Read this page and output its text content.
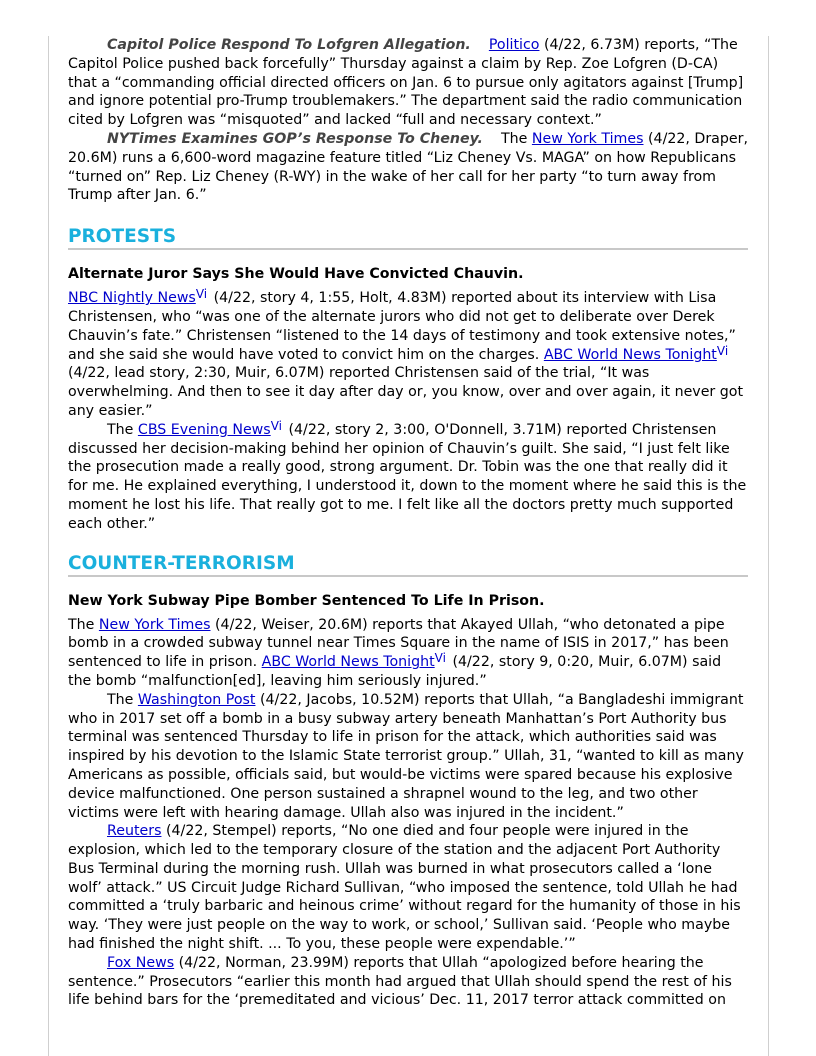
Capitol Police Respond To Lofgren Allegation. Politico (4/22, 6.73M) reports, “The Capitol Police pushed back forcefully” Thursday against a claim by Rep. Zoe Lofgren (D-CA) that a “commanding official directed officers on Jan. 6 to pursue only agitators against [Trump] and ignore potential pro-Trump troublemakers.” The department said the radio communication cited by Lofgren was “misquoted” and lacked “full and necessary context.”

NYTimes Examines GOP’s Response To Cheney. The New York Times (4/22, Draper, 20.6M) runs a 6,600-word magazine feature titled “Liz Cheney Vs. MAGA” on how Republicans “turned on” Rep. Liz Cheney (R-WY) in the wake of her call for her party “to turn away from Trump after Jan. 6.”

PROTESTS
Alternate Juror Says She Would Have Convicted Chauvin.

NBC Nightly News$^{Vi}$ (4/22, story 4, 1:55, Holt, 4.83M) reported about its interview with Lisa Christensen, who “was one of the alternate jurors who did not get to deliberate over Derek Chauvin’s fate.” Christensen “listened to the 14 days of testimony and took extensive notes,” and she said she would have voted to convict him on the charges. ABC World News Tonight$^{Vi}$ (4/22, lead story, 2:30, Muir, 6.07M) reported Christensen said of the trial, “It was overwhelming. And then to see it day after day or, you know, over and over again, it never got any easier.”

The CBS Evening News$^{Vi}$ (4/22, story 2, 3:00, O'Donnell, 3.71M) reported Christensen discussed her decision-making behind her opinion of Chauvin’s guilt. She said, “I just felt like the prosecution made a really good, strong argument. Dr. Tobin was the one that really did it for me. He explained everything, I understood it, down to the moment where he said this is the moment he lost his life. That really got to me. I felt like all the doctors pretty much supported each other.”

COUNTER-TERRORISM
New York Subway Pipe Bomber Sentenced To Life In Prison.

The New York Times (4/22, Weiser, 20.6M) reports that Akayed Ullah, “who detonated a pipe bomb in a crowded subway tunnel near Times Square in the name of ISIS in 2017,” has been sentenced to life in prison. ABC World News Tonight$^{Vi}$ (4/22, story 9, 0:20, Muir, 6.07M) said the bomb “malfunction[ed], leaving him seriously injured.”

The Washington Post (4/22, Jacobs, 10.52M) reports that Ullah, “a Bangladeshi immigrant who in 2017 set off a bomb in a busy subway artery beneath Manhattan’s Port Authority bus terminal was sentenced Thursday to life in prison for the attack, which authorities said was inspired by his devotion to the Islamic State terrorist group.” Ullah, 31, “wanted to kill as many Americans as possible, officials said, but would-be victims were spared because his explosive device malfunctioned. One person sustained a shrapnel wound to the leg, and two other victims were left with hearing damage. Ullah also was injured in the incident.”

Reuters (4/22, Stempel) reports, “No one died and four people were injured in the explosion, which led to the temporary closure of the station and the adjacent Port Authority Bus Terminal during the morning rush. Ullah was burned in what prosecutors called a ‘lone wolf’ attack.” US Circuit Judge Richard Sullivan, “who imposed the sentence, told Ullah he had committed a ‘truly barbaric and heinous crime’ without regard for the humanity of those in his way. ‘They were just people on the way to work, or school,’ Sullivan said. ‘People who maybe had finished the night shift. ... To you, these people were expendable.’”

Fox News (4/22, Norman, 23.99M) reports that Ullah “apologized before hearing the sentence.” Prosecutors “earlier this month had argued that Ullah should spend the rest of his life behind bars for the ‘premeditated and vicious’ Dec. 11, 2017 terror attack committed on
